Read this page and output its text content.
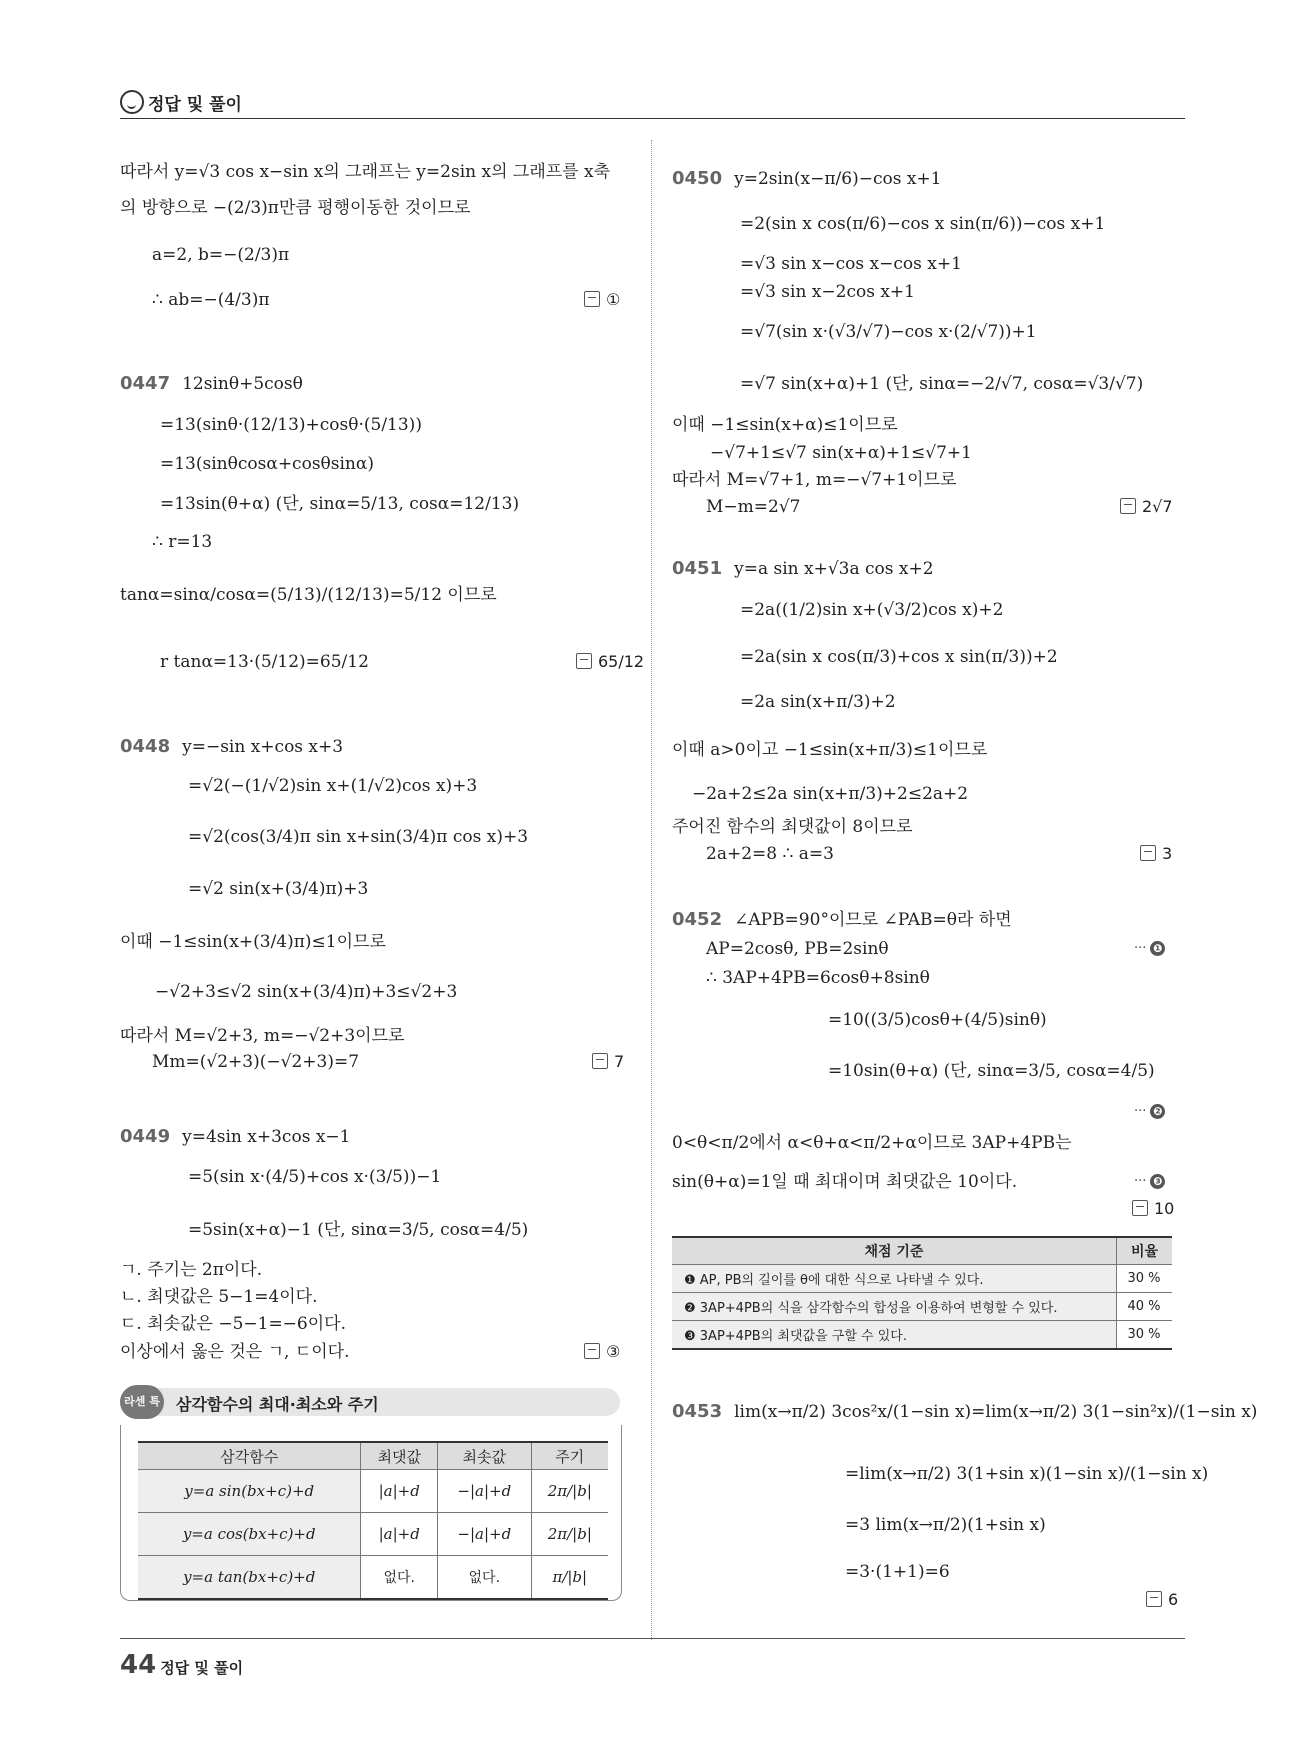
정답 및 풀이
따라서 y=√3 cos x−sin x의 그래프는 y=2sin x의 그래프를 x축
의 방향으로 −(2/3)π만큼 평행이동한 것이므로
a=2, b=−(2/3)π
∴ ab=−(4/3)π	①
0447 12sinθ+5cosθ
=13(sinθ·(12/13)+cosθ·(5/13))
=13(sinθcosα+cosθsinα)
=13sin(θ+α) (단, sinα=5/13, cosα=12/13)
∴ r=13
tanα=sinα/cosα=(5/13)/(12/13)=5/12 이므로
r tanα=13·(5/12)=65/12	65/12
0448 y=−sin x+cos x+3
=√2(−(1/√2)sin x+(1/√2)cos x)+3
=√2(cos(3/4)π sin x+sin(3/4)π cos x)+3
=√2 sin(x+(3/4)π)+3
이때 −1≤sin(x+(3/4)π)≤1이므로
−√2+3≤√2 sin(x+(3/4)π)+3≤√2+3
따라서 M=√2+3, m=−√2+3이므로
Mm=(√2+3)(−√2+3)=7	7
0449 y=4sin x+3cos x−1
=5(sin x·(4/5)+cos x·(3/5))−1
=5sin(x+α)−1 (단, sinα=3/5, cosα=4/5)
ㄱ. 주기는 2π이다.
ㄴ. 최댓값은 5−1=4이다.
ㄷ. 최솟값은 −5−1=−6이다.
이상에서 옳은 것은 ㄱ, ㄷ이다.	③
라센 특강
삼각함수의 최대·최소와 주기
삼각함수	최댓값	최솟값	주기
y=a sin(bx+c)+d	|a|+d	−|a|+d	2π/|b|
y=a cos(bx+c)+d	|a|+d	−|a|+d	2π/|b|
y=a tan(bx+c)+d	없다.	없다.	π/|b|
0450 y=2sin(x−π/6)−cos x+1
=2(sin x cos(π/6)−cos x sin(π/6))−cos x+1
=√3 sin x−cos x−cos x+1
=√3 sin x−2cos x+1
=√7(sin x·(√3/√7)−cos x·(2/√7))+1
=√7 sin(x+α)+1 (단, sinα=−2/√7, cosα=√3/√7)
이때 −1≤sin(x+α)≤1이므로
−√7+1≤√7 sin(x+α)+1≤√7+1
따라서 M=√7+1, m=−√7+1이므로
M−m=2√7	2√7
0451 y=a sin x+√3a cos x+2
=2a((1/2)sin x+(√3/2)cos x)+2
=2a(sin x cos(π/3)+cos x sin(π/3))+2
=2a sin(x+π/3)+2
이때 a>0이고 −1≤sin(x+π/3)≤1이므로
−2a+2≤2a sin(x+π/3)+2≤2a+2
주어진 함수의 최댓값이 8이므로
2a+2=8 ∴ a=3	3
0452 ∠APB=90°이므로 ∠PAB=θ라 하면
AP=2cosθ, PB=2sinθ	··· ❶
∴ 3AP+4PB=6cosθ+8sinθ
=10((3/5)cosθ+(4/5)sinθ)
=10sin(θ+α) (단, sinα=3/5, cosα=4/5)
··· ❷
0<θ<π/2에서 α<θ+α<π/2+α이므로 3AP+4PB는
sin(θ+α)=1일 때 최대이며 최댓값은 10이다.	··· ❸
10
채점 기준	비율
❶ AP, PB의 길이를 θ에 대한 식으로 나타낼 수 있다.	30 %
❷ 3AP+4PB의 식을 삼각함수의 합성을 이용하여 변형할 수 있다.	40 %
❸ 3AP+4PB의 최댓값을 구할 수 있다.	30 %
0453 lim(x→π/2) 3cos²x/(1−sin x)=lim(x→π/2) 3(1−sin²x)/(1−sin x)
=lim(x→π/2) 3(1+sin x)(1−sin x)/(1−sin x)
=3 lim(x→π/2)(1+sin x)
=3·(1+1)=6
6
44 정답 및 풀이
